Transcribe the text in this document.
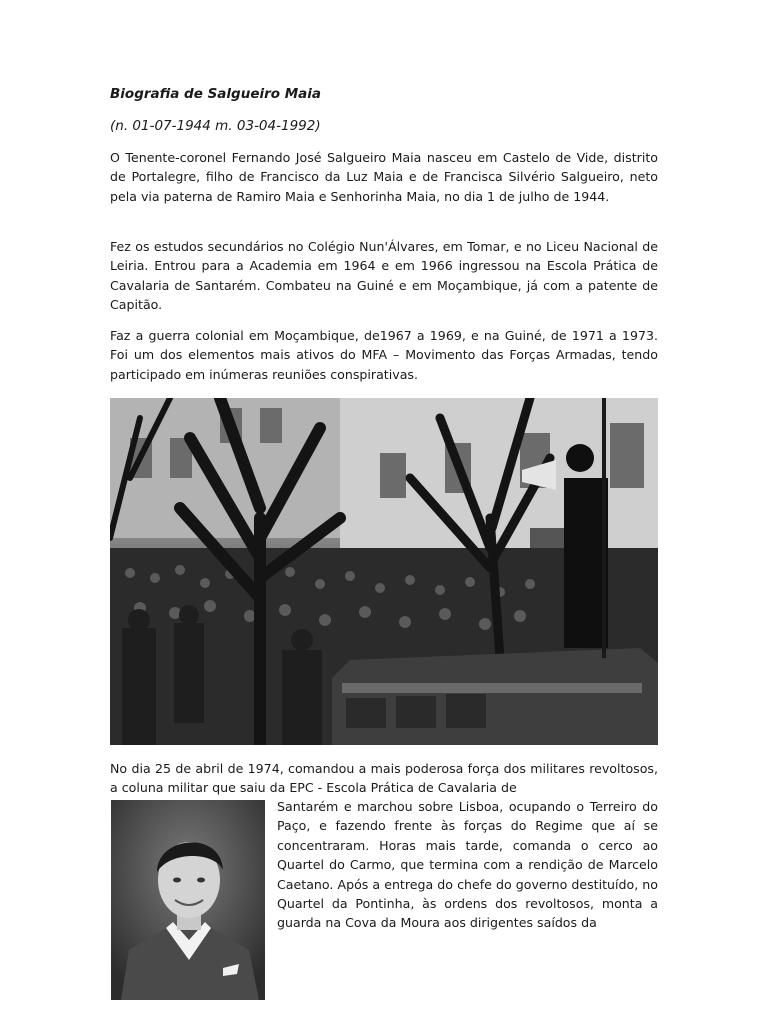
Biografia de Salgueiro Maia

(n. 01-07-1944 m. 03-04-1992)

O Tenente-coronel Fernando José Salgueiro Maia nasceu em Castelo de Vide, distrito de Portalegre, filho de Francisco da Luz Maia e de Francisca Silvério Salgueiro, neto pela via paterna de Ramiro Maia e Senhorinha Maia, no dia 1 de julho de 1944.

Fez os estudos secundários no Colégio Nun'Álvares, em Tomar, e no Liceu Nacional de Leiria. Entrou para a Academia em 1964 e em 1966 ingressou na Escola Prática de Cavalaria de Santarém. Combateu na Guiné e em Moçambique, já com a patente de Capitão.

Faz a guerra colonial em Moçambique, de1967 a 1969, e na Guiné, de 1971 a 1973. Foi um dos elementos mais ativos do MFA – Movimento das Forças Armadas, tendo participado em inúmeras reuniões conspirativas.

No dia 25 de abril de 1974, comandou a mais poderosa força dos militares revoltosos, a coluna militar que saiu da EPC - Escola Prática de Cavalaria de

Santarém e marchou sobre Lisboa, ocupando o Terreiro do Paço, e fazendo frente às forças do Regime que aí se concentraram. Horas mais tarde, comanda o cerco ao Quartel do Carmo, que termina com a rendição de Marcelo Caetano. Após a entrega do chefe do governo destituído, no Quartel da Pontinha, às ordens dos revoltosos, monta a guarda na Cova da Moura aos dirigentes saídos da
